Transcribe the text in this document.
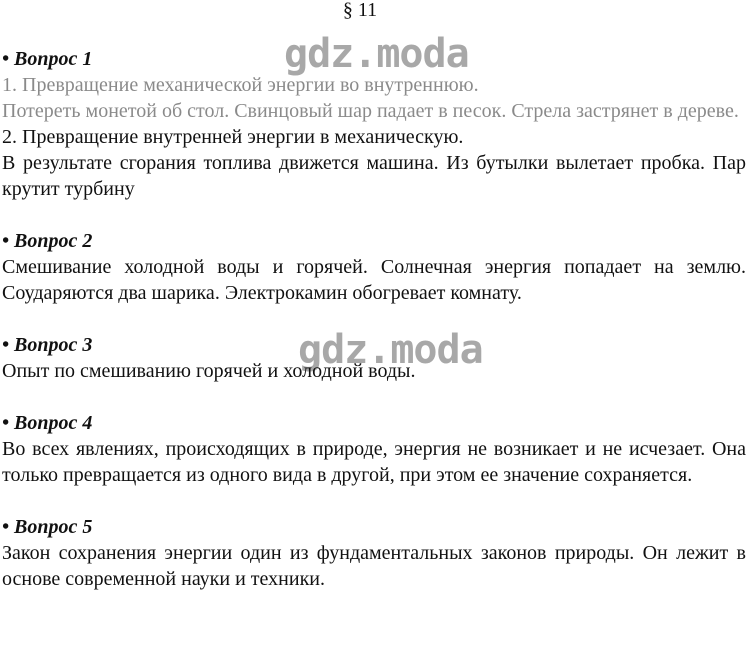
§ 11
gdz.moda
gdz.moda

• Вопрос 1

1. Превращение механической энергии во внутреннюю.

Потереть монетой об стол. Свинцовый шар падает в песок. Стрела застрянет в дереве.

2. Превращение внутренней энергии в механическую.

В результате сгорания топлива движется машина. Из бутылки вылетает пробка. Пар крутит турбину

• Вопрос 2

Смешивание холодной воды и горячей. Солнечная энергия попадает на землю. Соударяются два шарика. Электрокамин обогревает комнату.

• Вопрос 3

Опыт по смешиванию горячей и холодной воды.

• Вопрос 4

Во всех явлениях, происходящих в природе, энергия не возникает и не исчезает. Она только превращается из одного вида в другой, при этом ее значение сохраняется.

• Вопрос 5

Закон сохранения энергии один из фундаментальных законов природы. Он лежит в основе современной науки и техники.
